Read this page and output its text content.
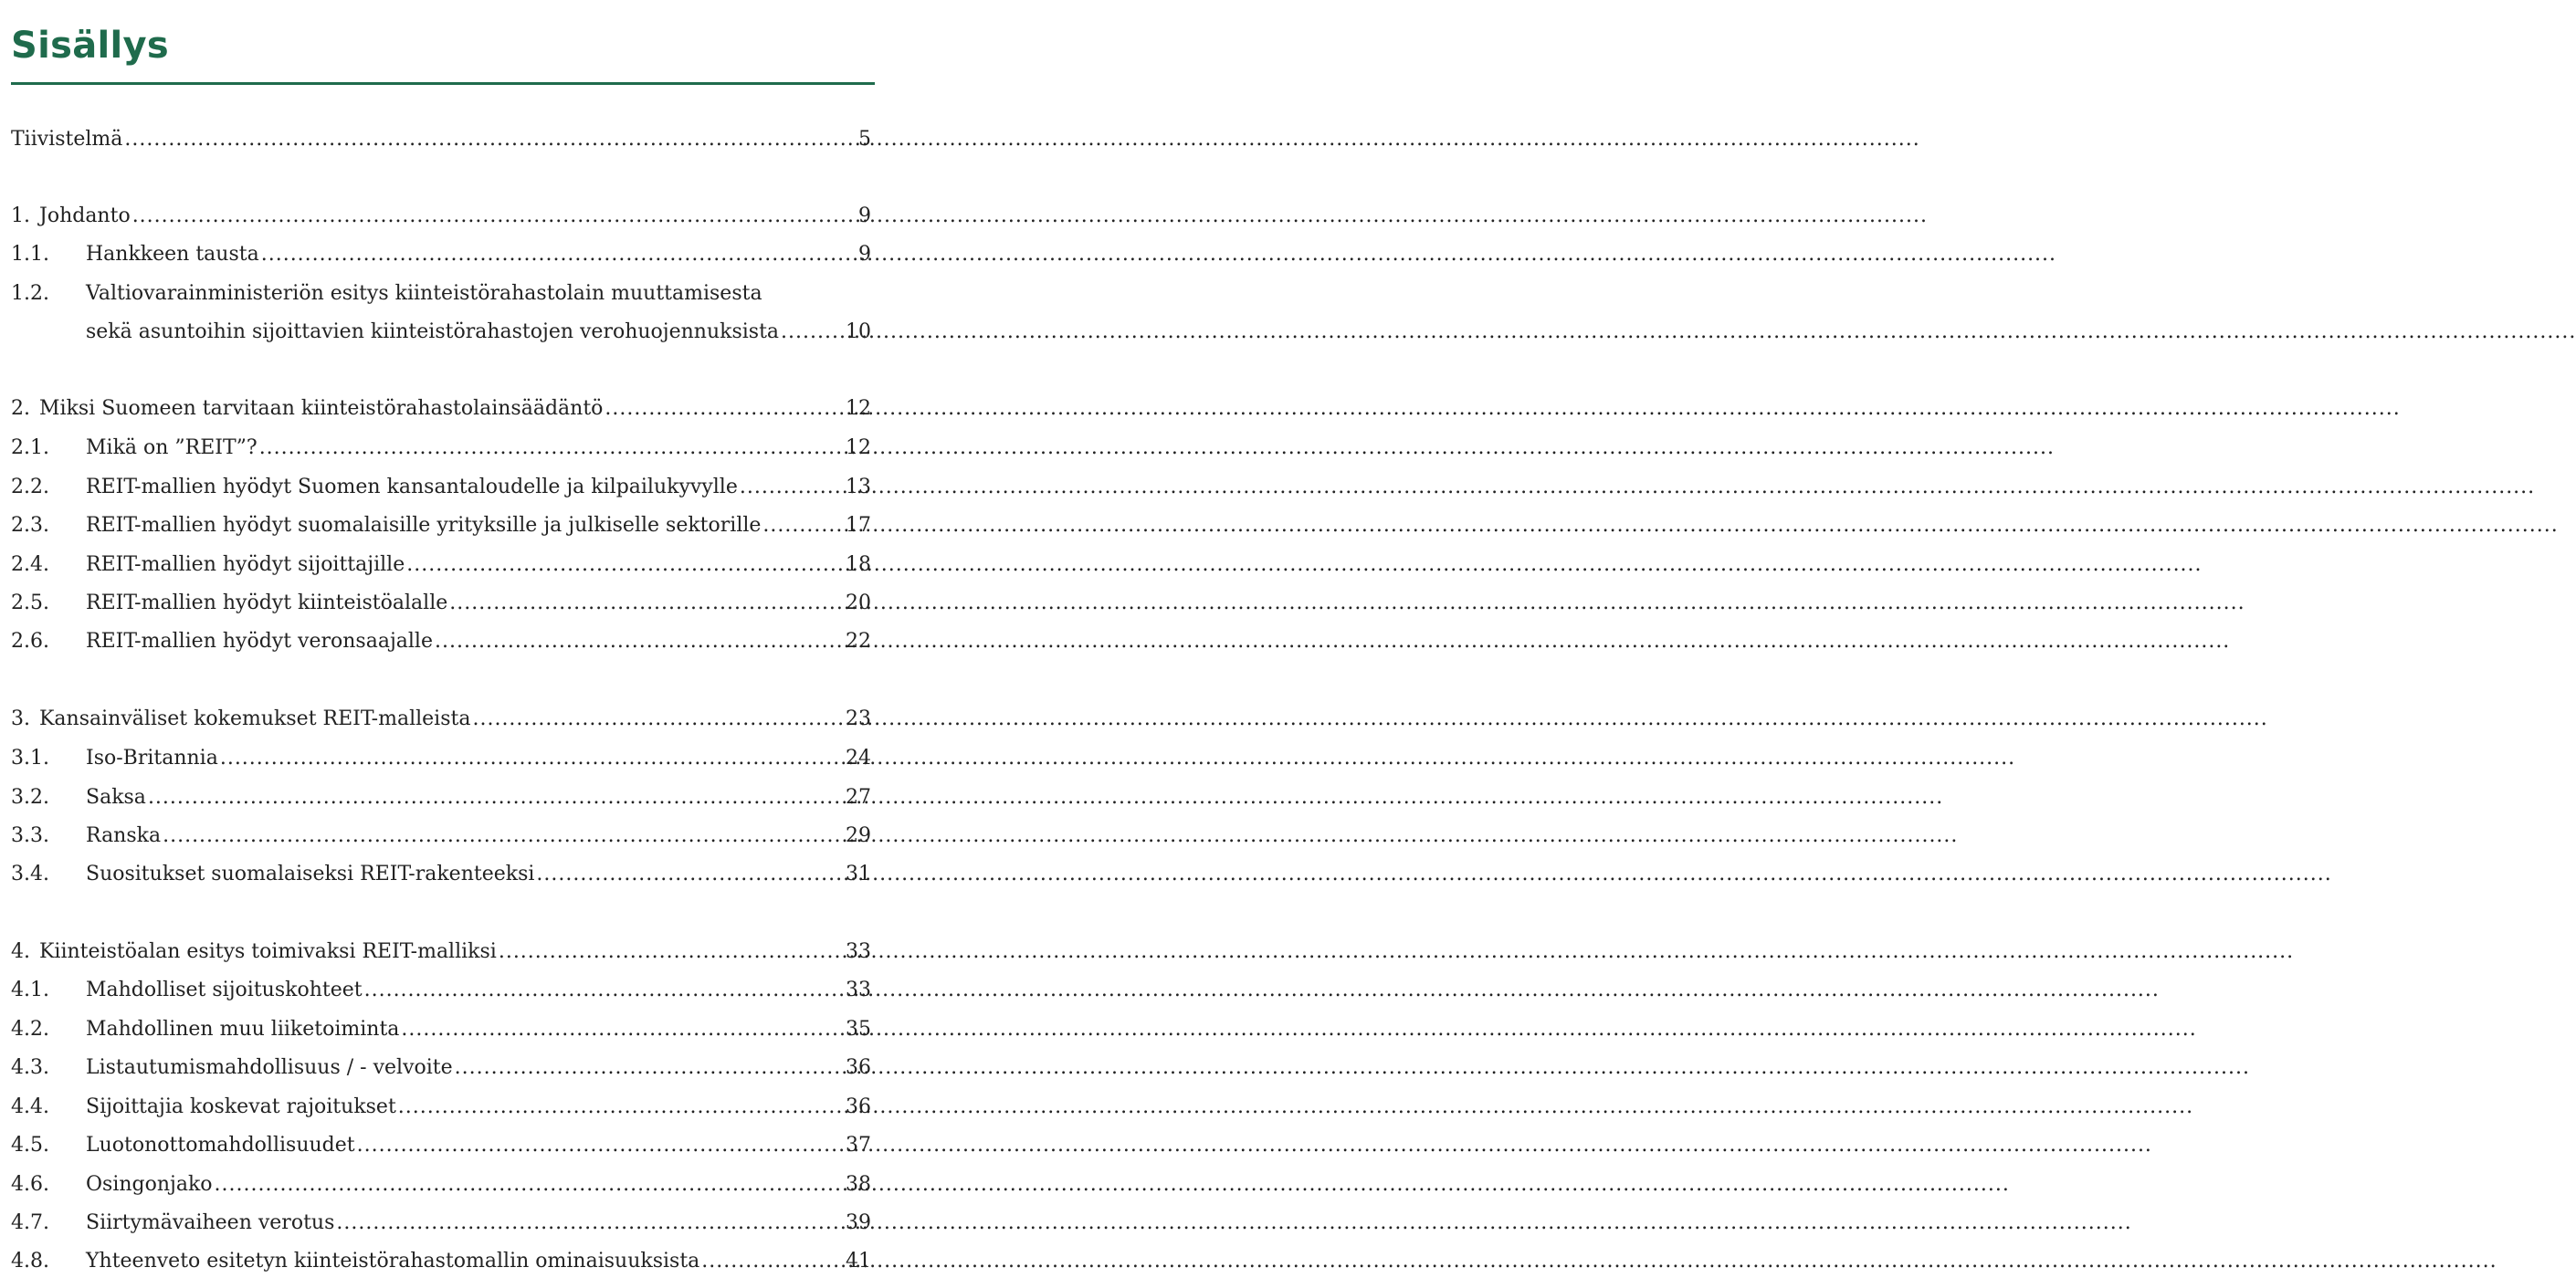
Sisällys
Tiivistelmä .....	5
1. Johdanto .....	9
1.1.	Hankkeen tausta .....	9
1.2.	Valtiovarainministeriön esitys kiinteistörahastolain muuttamisesta
sekä asuntoihin sijoittavien kiinteistörahastojen verohuojennuksista .....	10
2. Miksi Suomeen tarvitaan kiinteistörahastolainsäädäntö .....	12
2.1.	Mikä on ”REIT”? .....	12
2.2.	REIT-mallien hyödyt Suomen kansantaloudelle ja kilpailukyvylle .....	13
2.3.	REIT-mallien hyödyt suomalaisille yrityksille ja julkiselle sektorille .....	17
2.4.	REIT-mallien hyödyt sijoittajille .....	18
2.5.	REIT-mallien hyödyt kiinteistöalalle .....	20
2.6.	REIT-mallien hyödyt veronsaajalle .....	22
3. Kansainväliset kokemukset REIT-malleista .....	23
3.1.	Iso-Britannia .....	24
3.2.	Saksa .....	27
3.3.	Ranska .....	29
3.4.	Suositukset suomalaiseksi REIT-rakenteeksi .....	31
4. Kiinteistöalan esitys toimivaksi REIT-malliksi .....	33
4.1.	Mahdolliset sijoituskohteet .....	33
4.2.	Mahdollinen muu liiketoiminta .....	35
4.3.	Listautumismahdollisuus / - velvoite .....	36
4.4.	Sijoittajia koskevat rajoitukset .....	36
4.5.	Luotonottomahdollisuudet .....	37
4.6.	Osingonjako .....	38
4.7.	Siirtymävaiheen verotus .....	39
4.8.	Yhteenveto esitetyn kiinteistörahastomallin ominaisuuksista .....	41
